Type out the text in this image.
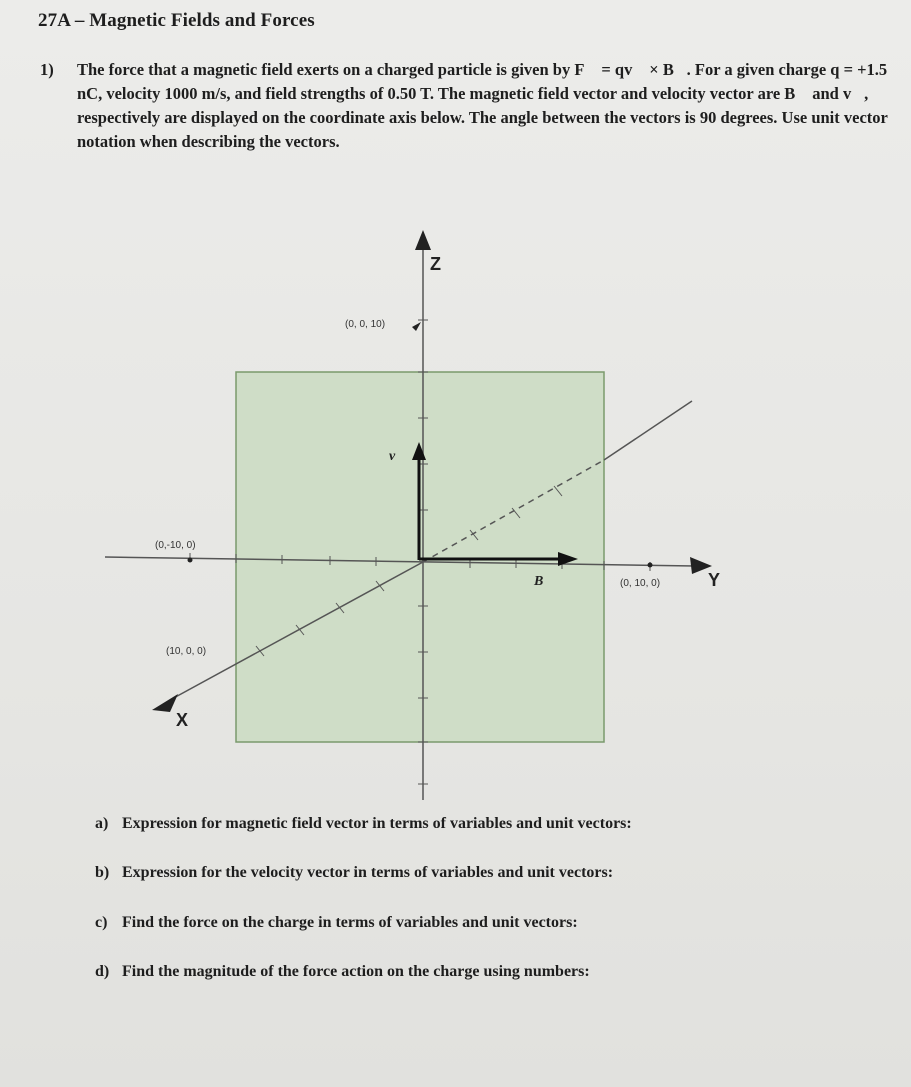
27A – Magnetic Fields and Forces
1) The force that a magnetic field exerts on a charged particle is given by F⃗ = qv⃗ × B⃗. For a given charge q = +1.5 nC, velocity 1000 m/s, and field strengths of 0.50 T. The magnetic field vector and velocity vector are B⃗ and v⃗, respectively are displayed on the coordinate axis below. The angle between the vectors is 90 degrees. Use unit vector notation when describing the vectors.
Z
Y
X
(0, 0, 10)
(0,-10, 0)
(0, 10, 0)
(10, 0, 0)
B⃗
v⃗
a) Expression for magnetic field vector in terms of variables and unit vectors:
b) Expression for the velocity vector in terms of variables and unit vectors:
c) Find the force on the charge in terms of variables and unit vectors:
d) Find the magnitude of the force action on the charge using numbers:
